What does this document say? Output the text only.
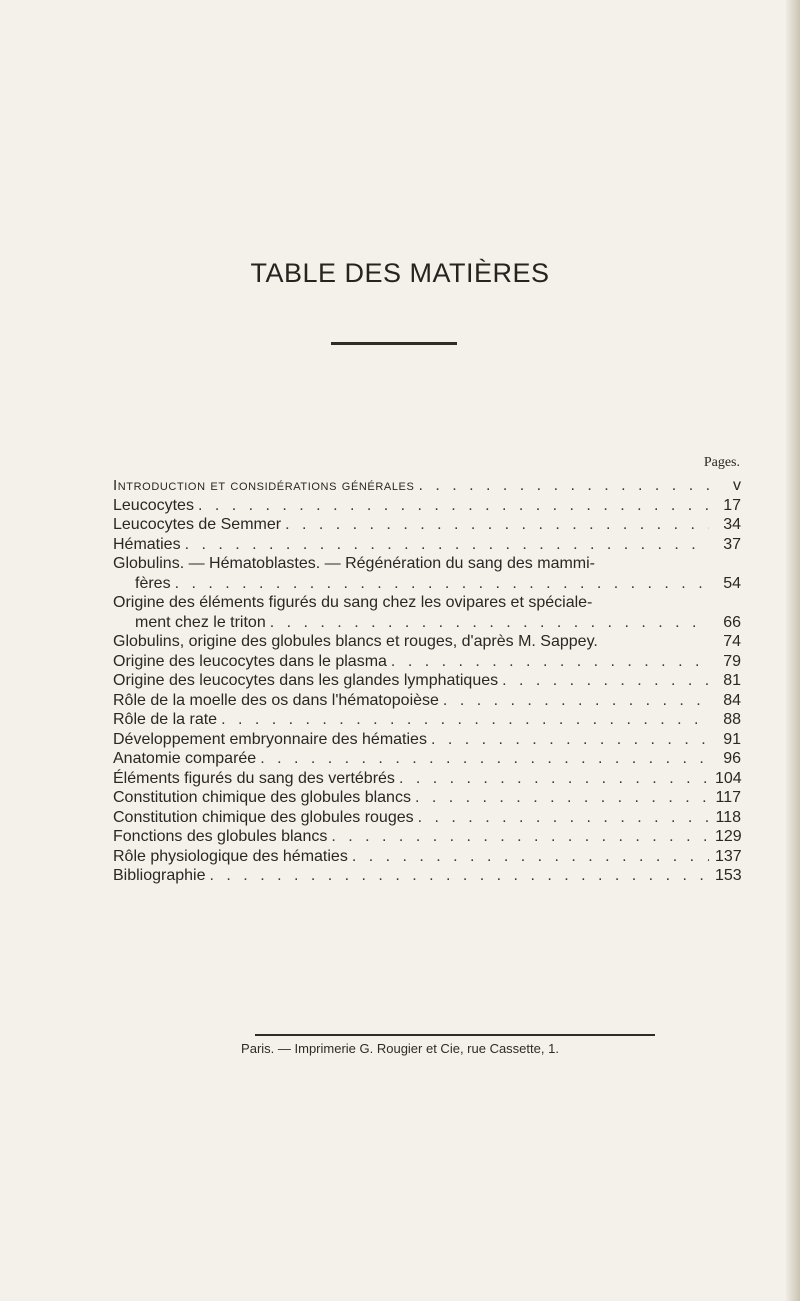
TABLE DES MATIÈRES
Pages.
Introduction et considérations générales . . .	v
Leucocytes . . .	17
Leucocytes de Semmer . . .	34
Hématies . . .	37
Globulins. — Hématoblastes. — Régénération du sang des mammi-
fères . . .	54
Origine des éléments figurés du sang chez les ovipares et spéciale-
ment chez le triton . . .	66
Globulins, origine des globules blancs et rouges, d'après M. Sappey.	74
Origine des leucocytes dans le plasma . . .	79
Origine des leucocytes dans les glandes lymphatiques . . .	81
Rôle de la moelle des os dans l'hématopoièse . . .	84
Rôle de la rate . . .	88
Développement embryonnaire des hématies . . .	91
Anatomie comparée . . .	96
Éléments figurés du sang des vertébrés . . .	104
Constitution chimique des globules blancs . . .	117
Constitution chimique des globules rouges . . .	118
Fonctions des globules blancs . . .	129
Rôle physiologique des hématies . . .	137
Bibliographie . . .	153
Paris. — Imprimerie G. Rougier et Cie, rue Cassette, 1.
